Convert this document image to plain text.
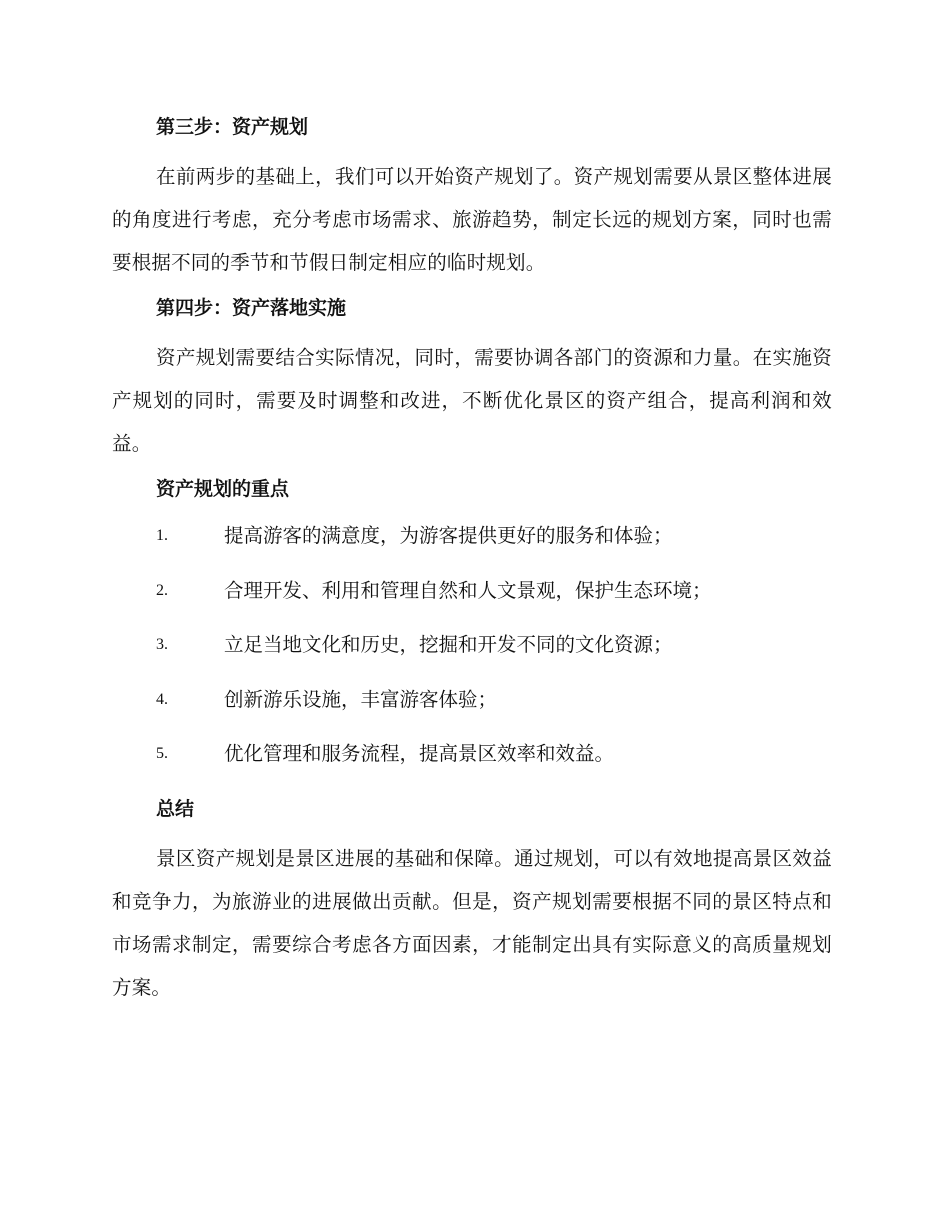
第三步：资产规划

在前两步的基础上，我们可以开始资产规划了。资产规划需要从景区整体进展的角度进行考虑，充分考虑市场需求、旅游趋势，制定长远的规划方案，同时也需要根据不同的季节和节假日制定相应的临时规划。

第四步：资产落地实施

资产规划需要结合实际情况，同时，需要协调各部门的资源和力量。在实施资产规划的同时，需要及时调整和改进，不断优化景区的资产组合，提高利润和效益。

资产规划的重点
1.	提高游客的满意度，为游客提供更好的服务和体验；
2.	合理开发、利用和管理自然和人文景观，保护生态环境；
3.	立足当地文化和历史，挖掘和开发不同的文化资源；
4.	创新游乐设施，丰富游客体验；
5.	优化管理和服务流程，提高景区效率和效益。
总结

景区资产规划是景区进展的基础和保障。通过规划，可以有效地提高景区效益和竞争力，为旅游业的进展做出贡献。但是，资产规划需要根据不同的景区特点和市场需求制定，需要综合考虑各方面因素，才能制定出具有实际意义的高质量规划方案。
